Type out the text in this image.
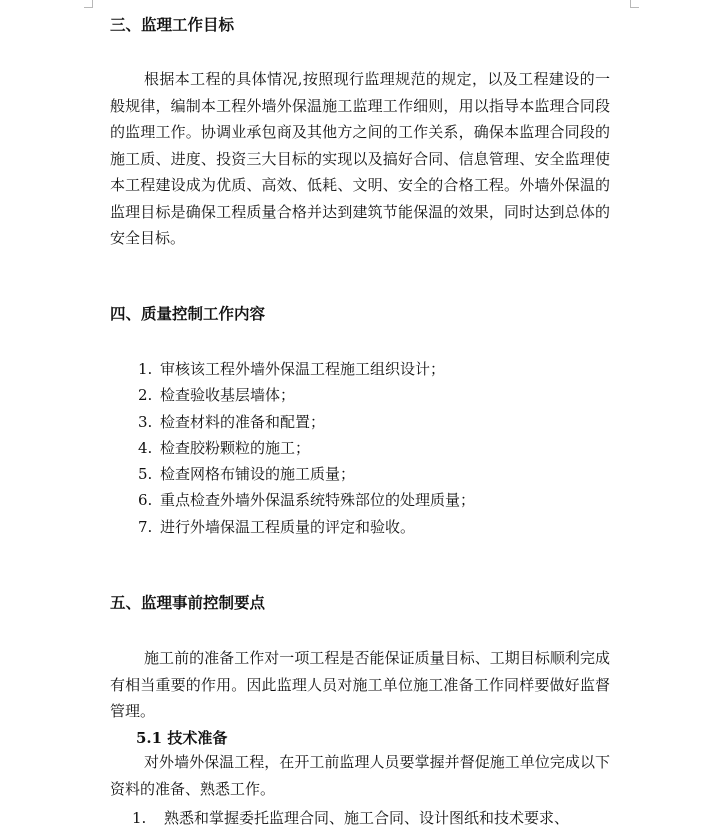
三、监理工作目标

根据本工程的具体情况,按照现行监理规范的规定，以及工程建设的一般规律，编制本工程外墙外保温施工监理工作细则，用以指导本监理合同段的监理工作。协调业承包商及其他方之间的工作关系，确保本监理合同段的施工质、进度、投资三大目标的实现以及搞好合同、信息管理、安全监理使本工程建设成为优质、高效、低耗、文明、安全的合格工程。外墙外保温的监理目标是确保工程质量合格并达到建筑节能保温的效果，同时达到总体的安全目标。

四、质量控制工作内容
1. 审核该工程外墙外保温工程施工组织设计；
2. 检查验收基层墙体；
3. 检查材料的准备和配置；
4. 检查胶粉颗粒的施工；
5. 检查网格布铺设的施工质量；
6. 重点检查外墙外保温系统特殊部位的处理质量；
7. 进行外墙保温工程质量的评定和验收。
五、监理事前控制要点

施工前的准备工作对一项工程是否能保证质量目标、工期目标顺利完成有相当重要的作用。因此监理人员对施工单位施工准备工作同样要做好监督管理。

5.1 技术准备

对外墙外保温工程，在开工前监理人员要掌握并督促施工单位完成以下资料的准备、熟悉工作。

1. 熟悉和掌握委托监理合同、施工合同、设计图纸和技术要求、
